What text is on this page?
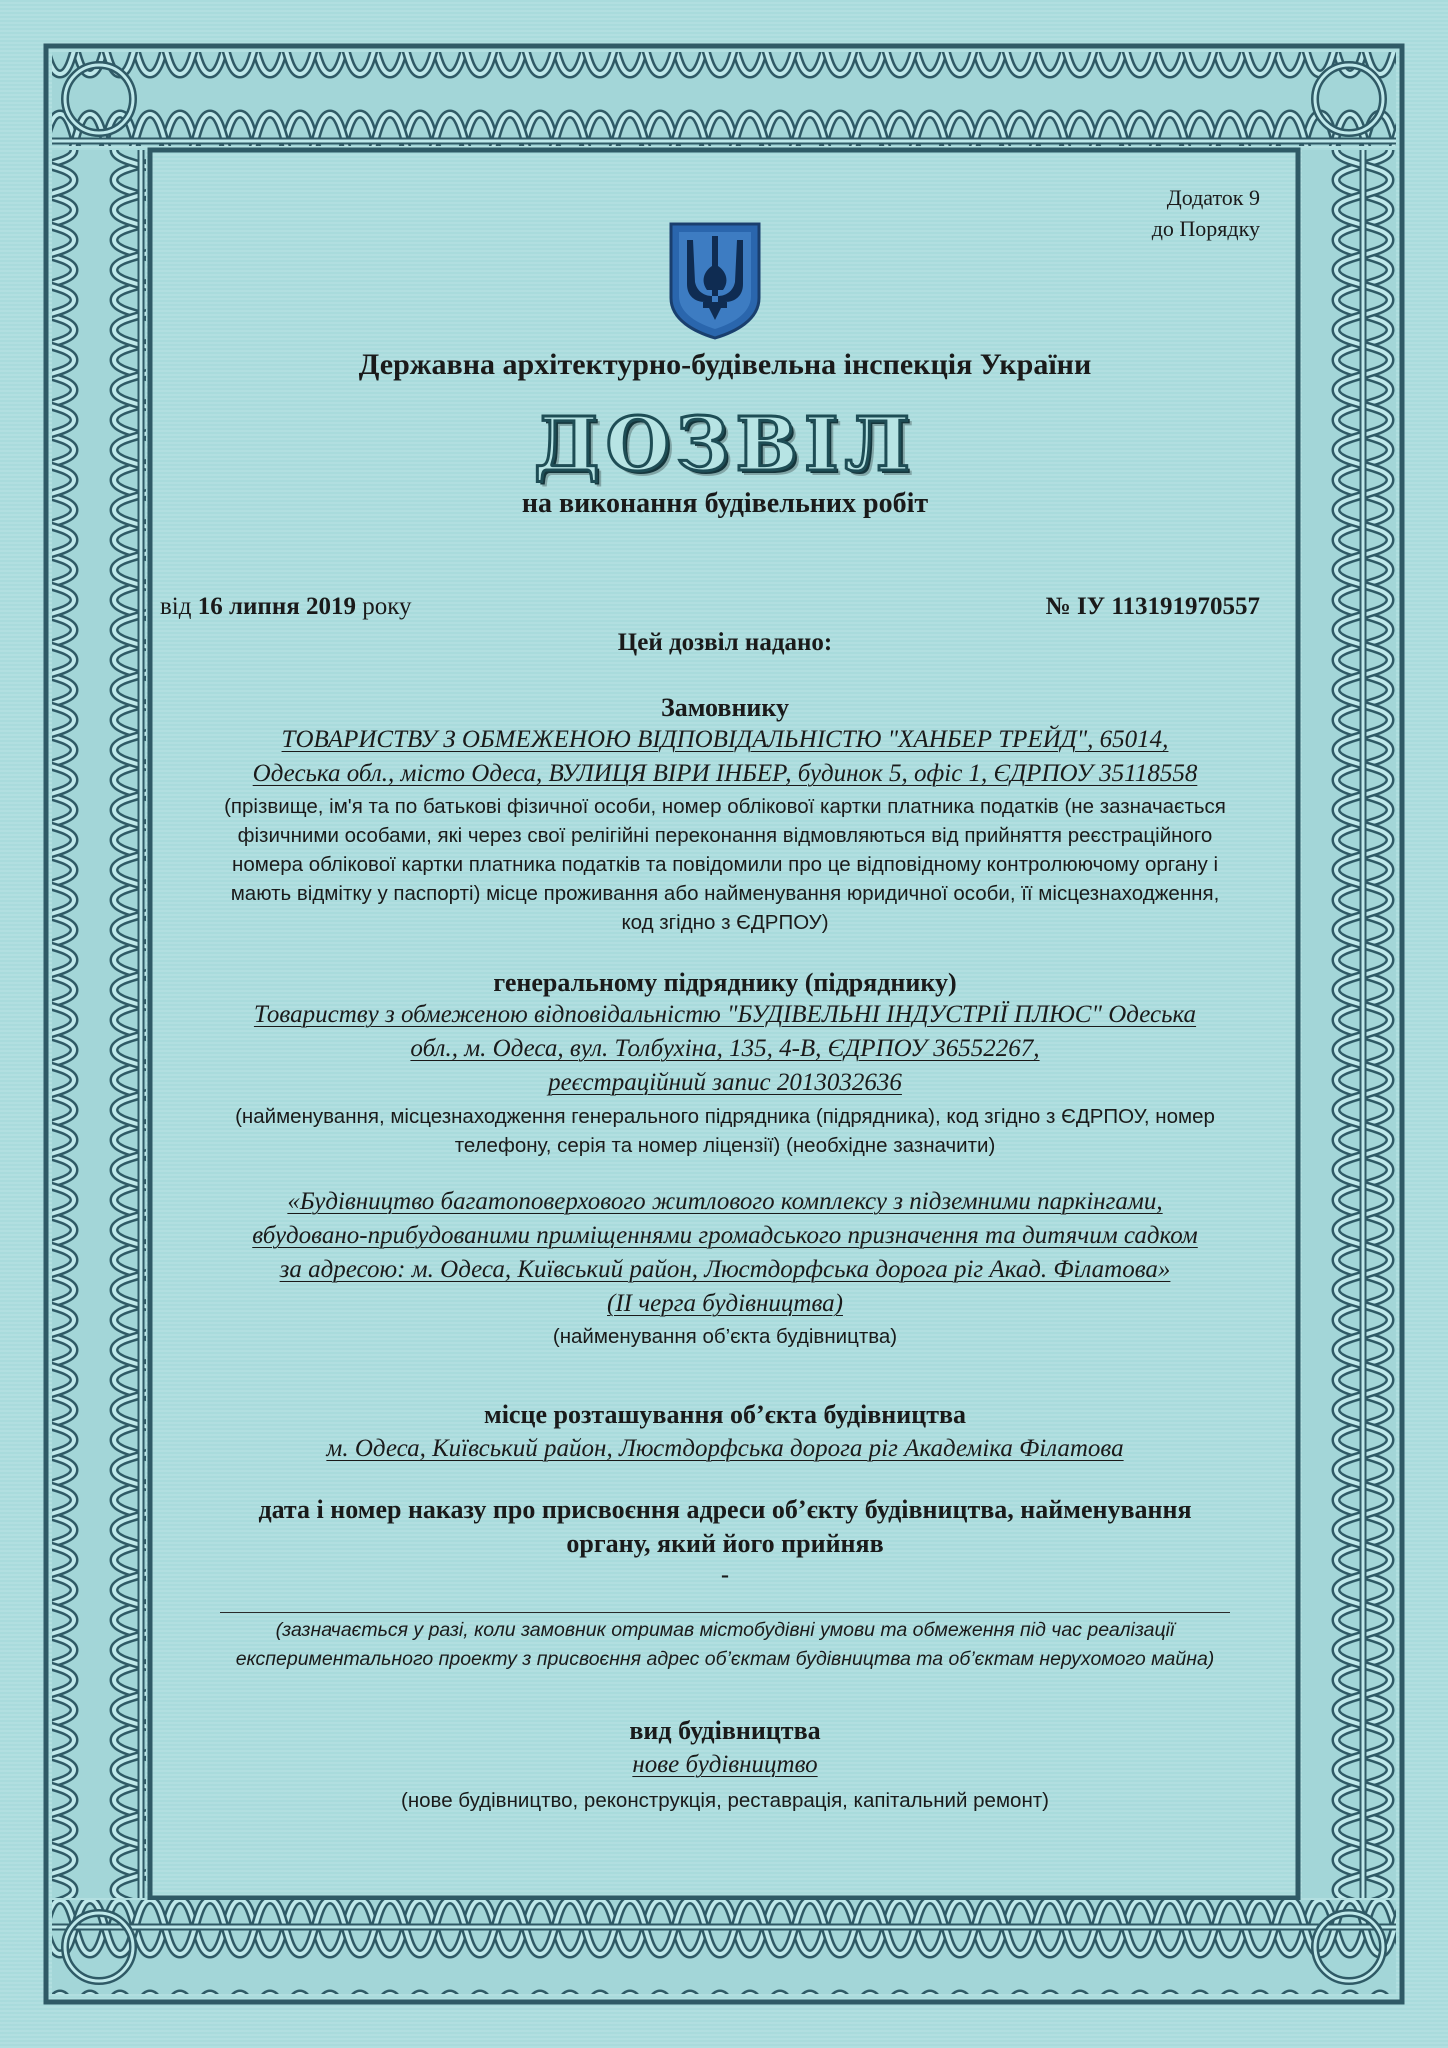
Додаток 9
до Порядку
Державна архітектурно-будівельна інспекція України
ДОЗВІЛ
на виконання будівельних робіт
від 16 липня 2019 року	№ ІУ 113191970557
Цей дозвіл надано:
Замовнику
ТОВАРИСТВУ З ОБМЕЖЕНОЮ ВІДПОВІДАЛЬНІСТЮ "ХАНБЕР ТРЕЙД", 65014,
Одеська обл., місто Одеса, ВУЛИЦЯ ВІРИ ІНБЕР, будинок 5, офіс 1, ЄДРПОУ 35118558
(прізвище, ім'я та по батькові фізичної особи, номер облікової картки платника податків (не зазначається
фізичними особами, які через свої релігійні переконання відмовляються від прийняття реєстраційного
номера облікової картки платника податків та повідомили про це відповідному контролюючому органу і
мають відмітку у паспорті) місце проживання або найменування юридичної особи, її місцезнаходження,
код згідно з ЄДРПОУ)
генеральному підряднику (підряднику)
Товариству з обмеженою відповідальністю "БУДІВЕЛЬНІ ІНДУСТРІЇ ПЛЮС" Одеська
обл., м. Одеса, вул. Толбухіна, 135, 4-В, ЄДРПОУ 36552267,
реєстраційний запис 2013032636
(найменування, місцезнаходження генерального підрядника (підрядника), код згідно з ЄДРПОУ, номер
телефону, серія та номер ліцензії) (необхідне зазначити)
«Будівництво багатоповерхового житлового комплексу з підземними паркінгами,
вбудовано-прибудованими приміщеннями громадського призначення та дитячим садком
за адресою: м. Одеса, Київський район, Люстдорфська дорога ріг Акад. Філатова»
(II черга будівництва)
(найменування об’єкта будівництва)
місце розташування об’єкта будівництва
м. Одеса, Київський район, Люстдорфська дорога ріг Академіка Філатова
дата і номер наказу про присвоєння адреси об’єкту будівництва, найменування
органу, який його прийняв
-
(зазначається у разі, коли замовник отримав містобудівні умови та обмеження під час реалізації
експериментального проекту з присвоєння адрес об’єктам будівництва та об’єктам нерухомого майна)
вид будівництва
нове будівництво
(нове будівництво, реконструкція, реставрація, капітальний ремонт)
